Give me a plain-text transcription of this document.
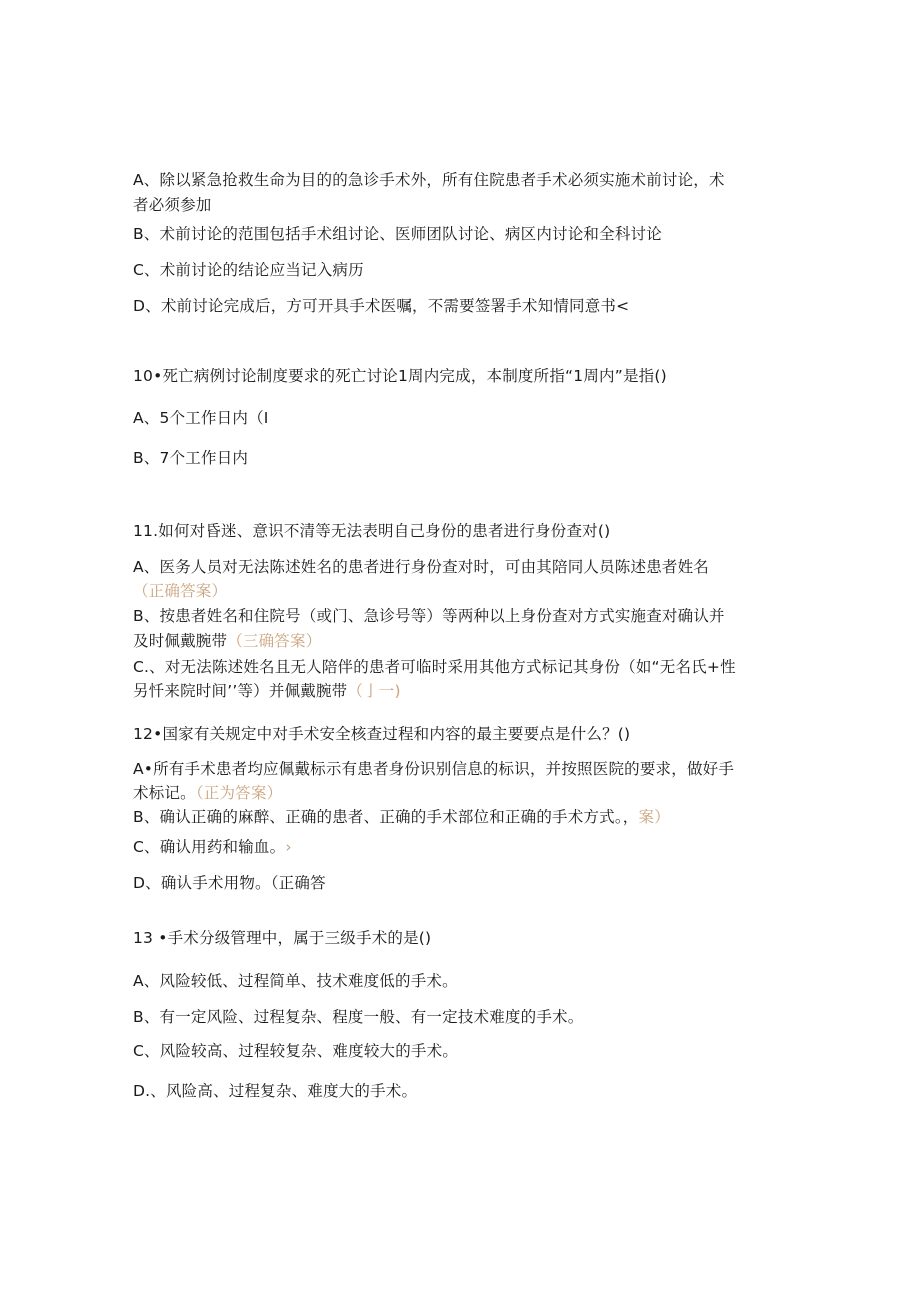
A、除以紧急抢救生命为目的的急诊手术外，所有住院患者手术必须实施术前讨论，术
者必须参加
B、术前讨论的范围包括手术组讨论、医师团队讨论、病区内讨论和全科讨论
C、术前讨论的结论应当记入病历
D、术前讨论完成后，方可开具手术医嘱，不需要签署手术知情同意书<
10•死亡病例讨论制度要求的死亡讨论1周内完成，本制度所指“1周内”是指()
A、5个工作日内（I
B、7个工作日内
11.如何对昏迷、意识不清等无法表明自己身份的患者进行身份查对()
A、医务人员对无法陈述姓名的患者进行身份查对时，可由其陪同人员陈述患者姓名
（正确答案）
B、按患者姓名和住院号（或门、急诊号等）等两种以上身份查对方式实施查对确认并
及时佩戴腕带（三确答案）
C.、对无法陈述姓名且无人陪伴的患者可临时采用其他方式标记其身份（如“无名氏+性
另忏来院时间’’等）并佩戴腕带（亅一)
12•国家有关规定中对手术安全核查过程和内容的最主要要点是什么？()
A•所有手术患者均应佩戴标示有患者身份识别信息的标识，并按照医院的要求，做好手
术标记。（正为答案）
B、确认正确的麻醉、正确的患者、正确的手术部位和正确的手术方式。，案）
C、确认用药和输血。›
D、确认手术用物。（正确答
13 •手术分级管理中，属于三级手术的是()
A、风险较低、过程简单、技术难度低的手术。
B、有一定风险、过程复杂、程度一般、有一定技术难度的手术。
C、风险较高、过程较复杂、难度较大的手术。
D.、风险高、过程复杂、难度大的手术。
